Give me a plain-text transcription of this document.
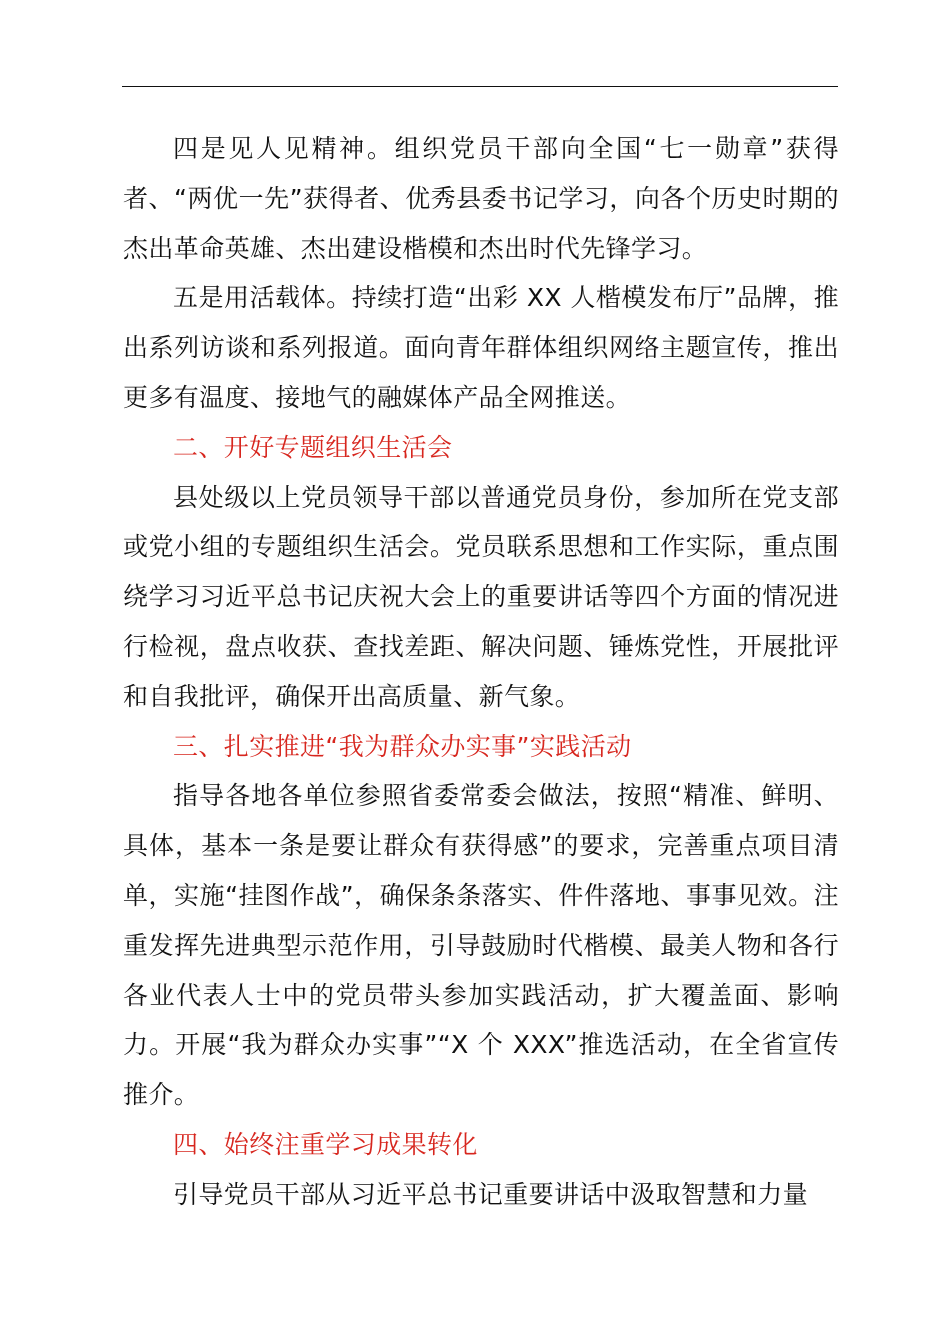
四是见人见精神。组织党员干部向全国“七一勋章”获得者、“两优一先”获得者、优秀县委书记学习，向各个历史时期的杰出革命英雄、杰出建设楷模和杰出时代先锋学习。

五是用活载体。持续打造“出彩 XX 人楷模发布厅”品牌，推出系列访谈和系列报道。面向青年群体组织网络主题宣传，推出更多有温度、接地气的融媒体产品全网推送。

二、开好专题组织生活会

县处级以上党员领导干部以普通党员身份，参加所在党支部或党小组的专题组织生活会。党员联系思想和工作实际，重点围绕学习习近平总书记庆祝大会上的重要讲话等四个方面的情况进行检视，盘点收获、查找差距、解决问题、锤炼党性，开展批评和自我批评，确保开出高质量、新气象。

三、扎实推进“我为群众办实事”实践活动

指导各地各单位参照省委常委会做法，按照“精准、鲜明、具体，基本一条是要让群众有获得感”的要求，完善重点项目清单，实施“挂图作战”，确保条条落实、件件落地、事事见效。注重发挥先进典型示范作用，引导鼓励时代楷模、最美人物和各行各业代表人士中的党员带头参加实践活动，扩大覆盖面、影响力。开展“我为群众办实事”“X 个 XXX”推选活动，在全省宣传推介。

四、始终注重学习成果转化

引导党员干部从习近平总书记重要讲话中汲取智慧和力量
